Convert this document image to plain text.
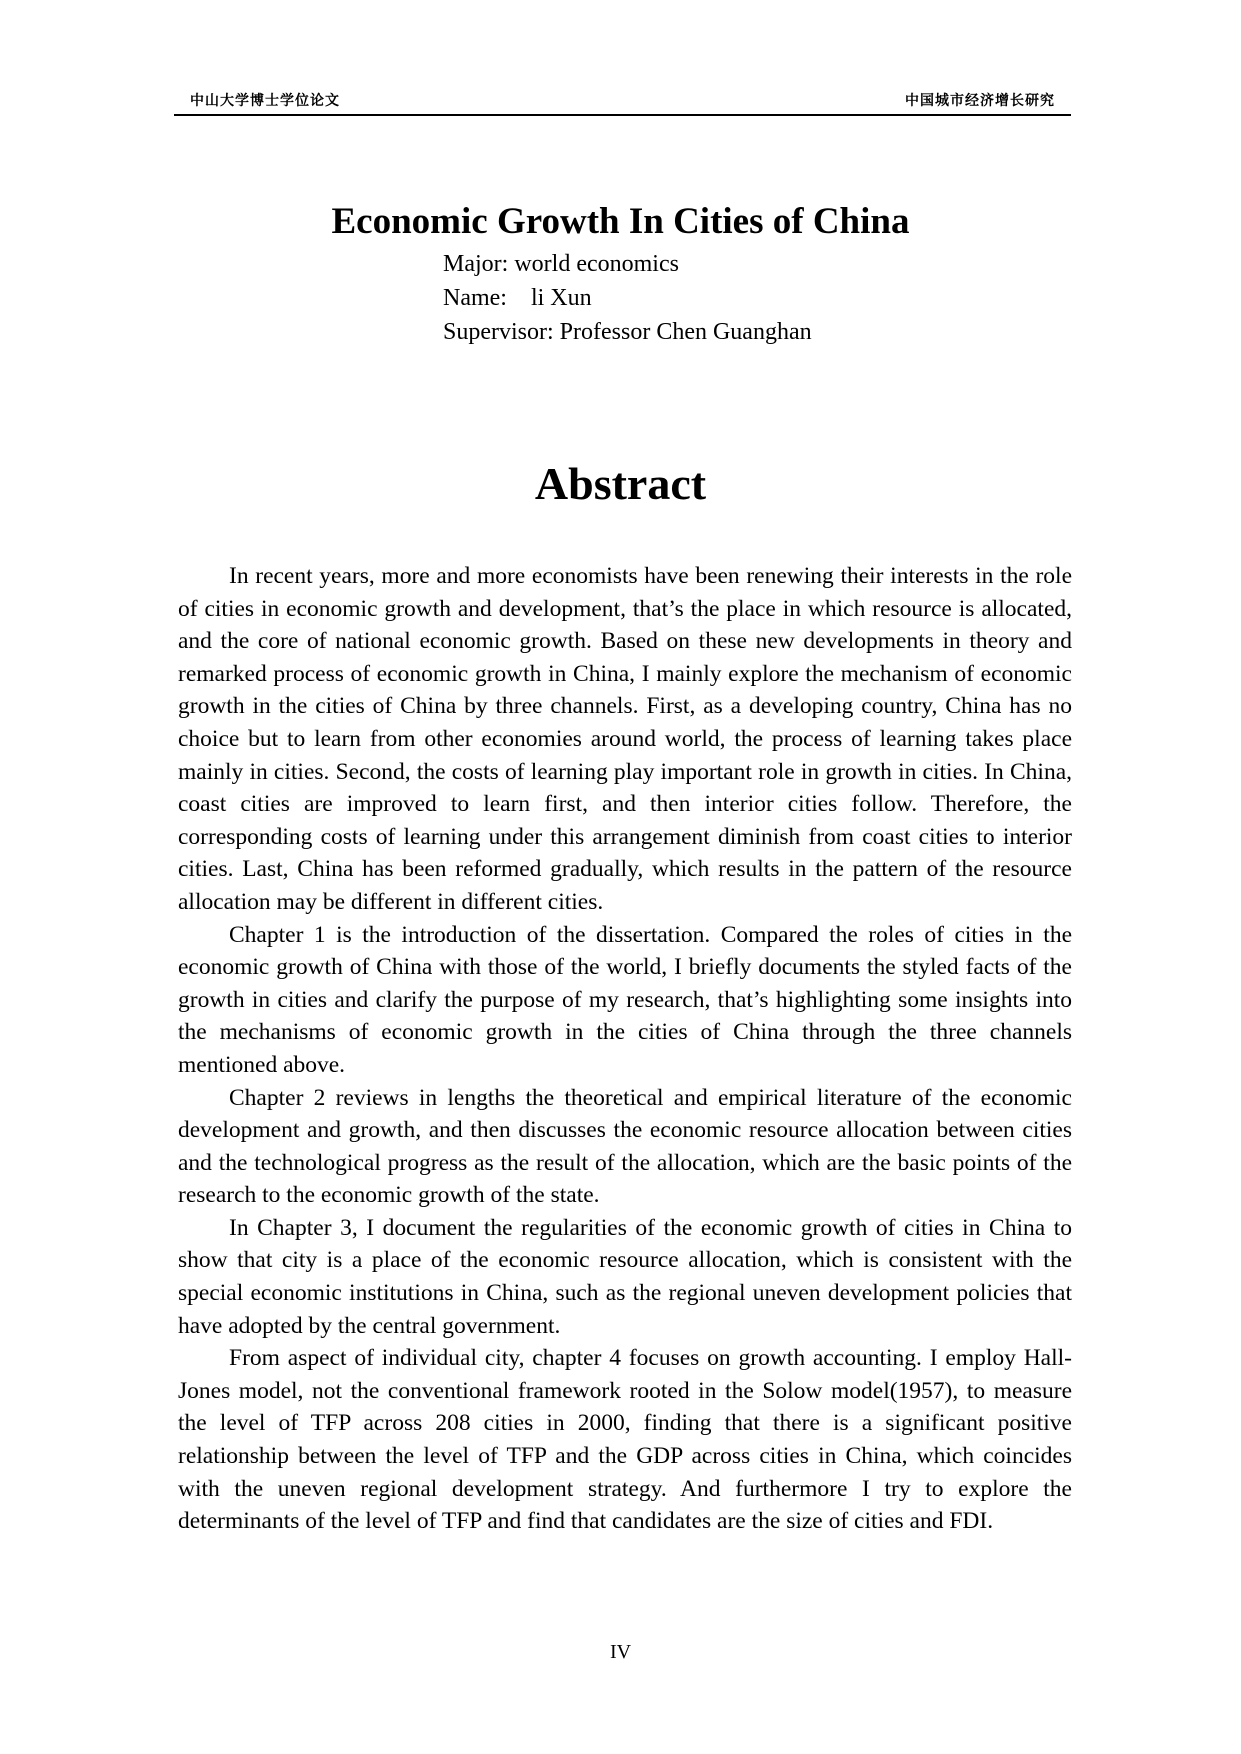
中山大学博士学位论文	中国城市经济增长研究
Economic Growth In Cities of China
Major: world economics
Name:    li Xun
Supervisor: Professor Chen Guanghan
Abstract

In recent years, more and more economists have been renewing their interests in the role of cities in economic growth and development, that’s the place in which resource is allocated, and the core of national economic growth. Based on these new developments in theory and remarked process of economic growth in China, I mainly explore the mechanism of economic growth in the cities of China by three channels. First, as a developing country, China has no choice but to learn from other economies around world, the process of learning takes place mainly in cities. Second, the costs of learning play important role in growth in cities. In China, coast cities are improved to learn first, and then interior cities follow. Therefore, the corresponding costs of learning under this arrangement diminish from coast cities to interior cities. Last, China has been reformed gradually, which results in the pattern of the resource allocation may be different in different cities.

Chapter 1 is the introduction of the dissertation. Compared the roles of cities in the economic growth of China with those of the world, I briefly documents the styled facts of the growth in cities and clarify the purpose of my research, that’s highlighting some insights into the mechanisms of economic growth in the cities of China through the three channels mentioned above.

Chapter 2 reviews in lengths the theoretical and empirical literature of the economic development and growth, and then discusses the economic resource allocation between cities and the technological progress as the result of the allocation, which are the basic points of the research to the economic growth of the state.

In Chapter 3, I document the regularities of the economic growth of cities in China to show that city is a place of the economic resource allocation, which is consistent with the special economic institutions in China, such as the regional uneven development policies that have adopted by the central government.

From aspect of individual city, chapter 4 focuses on growth accounting. I employ Hall-Jones model, not the conventional framework rooted in the Solow model(1957), to measure the level of TFP across 208 cities in 2000, finding that there is a significant positive relationship between the level of TFP and the GDP across cities in China, which coincides with the uneven regional development strategy. And furthermore I try to explore the determinants of the level of TFP and find that candidates are the size of cities and FDI.

IV
